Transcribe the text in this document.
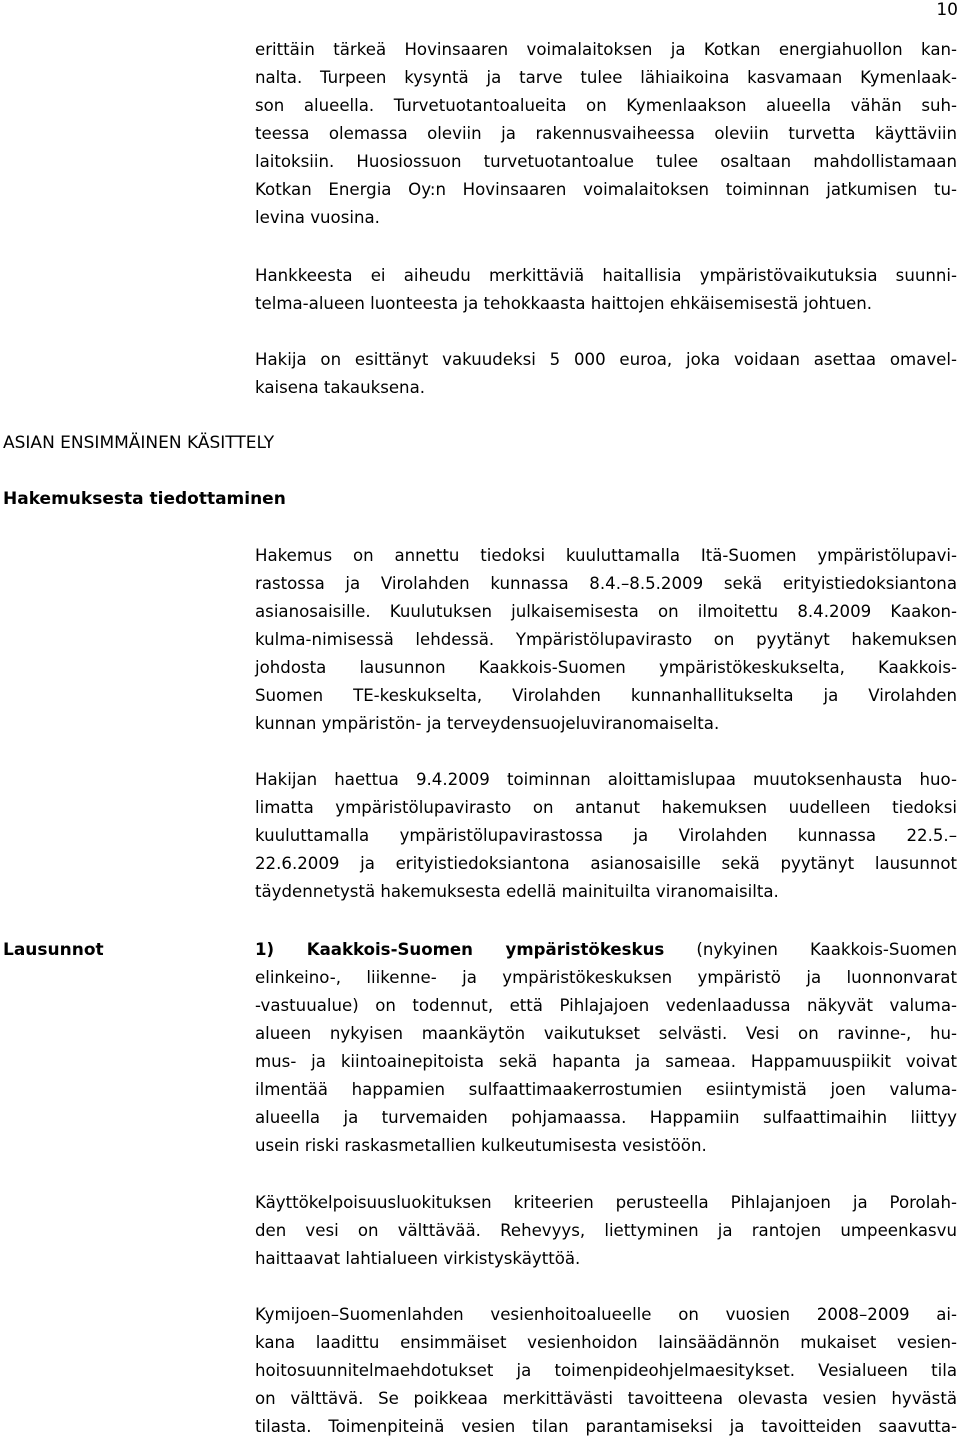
10
erittäin tärkeä Hovinsaaren voimalaitoksen ja Kotkan energiahuollon kan-
nalta. Turpeen kysyntä ja tarve tulee lähiaikoina kasvamaan Kymenlaak-
son alueella. Turvetuotantoalueita on Kymenlaakson alueella vähän suh-
teessa olemassa oleviin ja rakennusvaiheessa oleviin turvetta käyttäviin
laitoksiin. Huosiossuon turvetuotantoalue tulee osaltaan mahdollistamaan
Kotkan Energia Oy:n Hovinsaaren voimalaitoksen toiminnan jatkumisen tu-
levina vuosina.
Hankkeesta ei aiheudu merkittäviä haitallisia ympäristövaikutuksia suunni-
telma-alueen luonteesta ja tehokkaasta haittojen ehkäisemisestä johtuen.
Hakija on esittänyt vakuudeksi 5 000 euroa, joka voidaan asettaa omavel-
kaisena takauksena.
ASIAN ENSIMMÄINEN KÄSITTELY
Hakemuksesta tiedottaminen
Hakemus on annettu tiedoksi kuuluttamalla Itä-Suomen ympäristölupavi-
rastossa ja Virolahden kunnassa 8.4.–8.5.2009 sekä erityistiedoksiantona
asianosaisille. Kuulutuksen julkaisemisesta on ilmoitettu 8.4.2009 Kaakon-
kulma-nimisessä lehdessä. Ympäristölupavirasto on pyytänyt hakemuksen
johdosta lausunnon Kaakkois-Suomen ympäristökeskukselta, Kaakkois-
Suomen TE-keskukselta, Virolahden kunnanhallitukselta ja Virolahden
kunnan ympäristön- ja terveydensuojeluviranomaiselta.
Hakijan haettua 9.4.2009 toiminnan aloittamislupaa muutoksenhausta huo-
limatta ympäristölupavirasto on antanut hakemuksen uudelleen tiedoksi
kuuluttamalla ympäristölupavirastossa ja Virolahden kunnassa 22.5.–
22.6.2009 ja erityistiedoksiantona asianosaisille sekä pyytänyt lausunnot
täydennetystä hakemuksesta edellä mainituilta viranomaisilta.
Lausunnot	1) Kaakkois-Suomen ympäristökeskus (nykyinen Kaakkois-Suomen
elinkeino-, liikenne- ja ympäristökeskuksen ympäristö ja luonnonvarat
-vastuualue) on todennut, että Pihlajajoen vedenlaadussa näkyvät valuma-
alueen nykyisen maankäytön vaikutukset selvästi. Vesi on ravinne-, hu-
mus- ja kiintoainepitoista sekä hapanta ja sameaa. Happamuuspiikit voivat
ilmentää happamien sulfaattimaakerrostumien esiintymistä joen valuma-
alueella ja turvemaiden pohjamaassa. Happamiin sulfaattimaihin liittyy
usein riski raskasmetallien kulkeutumisesta vesistöön.
Käyttökelpoisuusluokituksen kriteerien perusteella Pihlajanjoen ja Porolah-
den vesi on välttävää. Rehevyys, liettyminen ja rantojen umpeenkasvu
haittaavat lahtialueen virkistyskäyttöä.
Kymijoen–Suomenlahden vesienhoitoalueelle on vuosien 2008–2009 ai-
kana laadittu ensimmäiset vesienhoidon lainsäädännön mukaiset vesien-
hoitosuunnitelmaehdotukset ja toimenpideohjelmaesitykset. Vesialueen tila
on välttävä. Se poikkeaa merkittävästi tavoitteena olevasta vesien hyvästä
tilasta. Toimenpiteinä vesien tilan parantamiseksi ja tavoitteiden saavutta-
